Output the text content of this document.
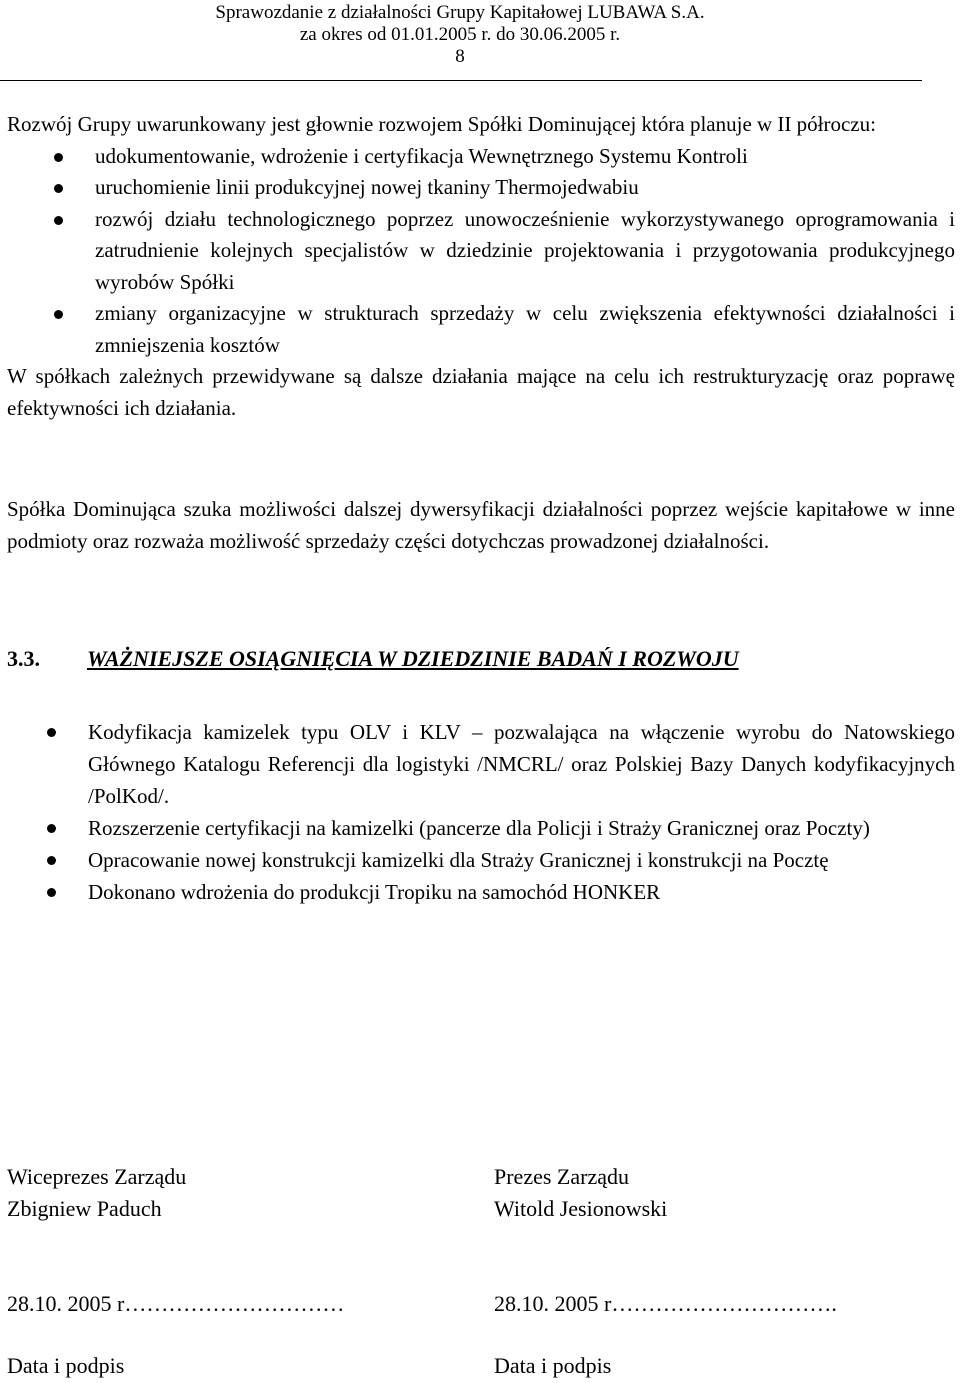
Sprawozdanie z działalności Grupy Kapitałowej LUBAWA S.A.
za okres od 01.01.2005 r. do 30.06.2005 r.
8

Rozwój Grupy uwarunkowany jest głownie rozwojem Spółki Dominującej która planuje w II półroczu:

udokumentowanie, wdrożenie i certyfikacja Wewnętrznego Systemu Kontroli
uruchomienie linii produkcyjnej nowej tkaniny Thermojedwabiu
rozwój działu technologicznego poprzez unowocześnienie wykorzystywanego oprogramowania i zatrudnienie kolejnych specjalistów w dziedzinie projektowania i przygotowania produkcyjnego wyrobów Spółki
zmiany organizacyjne w strukturach sprzedaży w celu zwiększenia efektywności działalności i zmniejszenia kosztów

W spółkach zależnych przewidywane są dalsze działania mające na celu ich restrukturyzację oraz poprawę efektywności ich działania.

Spółka Dominująca szuka możliwości dalszej dywersyfikacji działalności poprzez wejście kapitałowe w inne podmioty oraz rozważa możliwość sprzedaży części dotychczas prowadzonej działalności.

3.3. WAŻNIEJSZE OSIĄGNIĘCIA W DZIEDZINIE BADAŃ I ROZWOJU
Kodyfikacja kamizelek typu OLV i KLV – pozwalająca na włączenie wyrobu do Natowskiego Głównego Katalogu Referencji dla logistyki /NMCRL/ oraz Polskiej Bazy Danych kodyfikacyjnych /PolKod/.
Rozszerzenie certyfikacji na kamizelki (pancerze dla Policji i Straży Granicznej oraz Poczty)
Opracowanie nowej konstrukcji kamizelki dla Straży Granicznej i konstrukcji na Pocztę
Dokonano wdrożenia do produkcji Tropiku na samochód HONKER
Wiceprezes Zarządu
Zbigniew Paduch
Prezes Zarządu
Witold Jesionowski
28.10. 2005 r…………………………	28.10. 2005 r………………………….
Data i podpis	Data i podpis
